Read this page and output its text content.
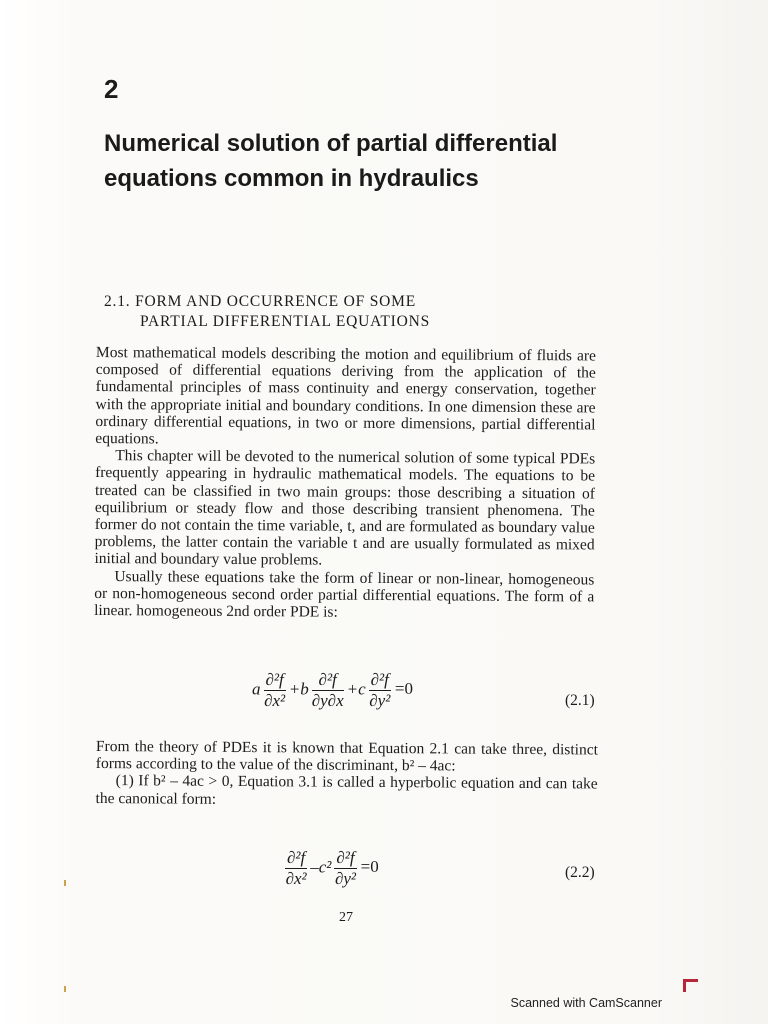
2
Numerical solution of partial differential equations common in hydraulics
2.1. FORM AND OCCURRENCE OF SOME
PARTIAL DIFFERENTIAL EQUATIONS

Most mathematical models describing the motion and equilibrium of fluids are composed of differential equations deriving from the application of the fundamental principles of mass continuity and energy conservation, together with the appropriate initial and boundary conditions. In one dimension these are ordinary differential equations, in two or more dimensions, partial differential equations.

This chapter will be devoted to the numerical solution of some typical PDEs frequently appearing in hydraulic mathematical models. The equations to be treated can be classified in two main groups: those describing a situation of equilibrium or steady flow and those describing transient phenomena. The former do not contain the time variable, t, and are formulated as boundary value problems, the latter contain the variable t and are usually formulated as mixed initial and boundary value problems.

Usually these equations take the form of linear or non-linear, homogeneous or non-homogeneous second order partial differential equations. The form of a linear. homogeneous 2nd order PDE is:

a $\frac{\text{∂²f}}{\text{∂x²}} +b \frac{\text{∂²f}}{\partial y\partial x} +c \frac{\text{∂²f}}{\text{∂y²}} =0$
(2.1)

From the theory of PDEs it is known that Equation 2.1 can take three, distinct forms according to the value of the discriminant, b² – 4ac:

(1) If b² – 4ac > 0, Equation 3.1 is called a hyperbolic equation and can take the canonical form:

$\frac{\text{∂²f}}{\text{∂x²}} -c^2 \frac{\text{∂²f}}{\text{∂y²}} =0$	(2.2)
27
Scanned with CamScanner
